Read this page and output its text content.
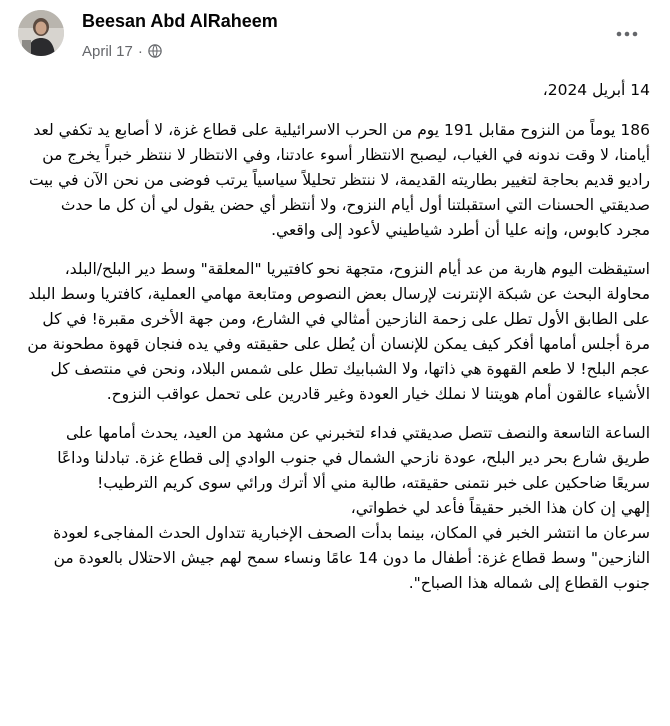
Beesan Abd AlRaheem
April 17 ·

14 أبريل 2024،

186 يوماً من النزوح مقابل 191 يوم من الحرب الاسرائيلية على قطاع غزة، لا أصابع يد تكفي لعد أيامنا، لا وقت ندونه في الغياب، ليصبح الانتظار أسوء عادتنا، وفي الانتظار لا ننتظر خبراً يخرج من راديو قديم بحاجة لتغيير بطاريته القديمة، لا ننتظر تحليلاً سياسياً يرتب فوضى من نحن الآن في بيت صديقتي الحسنات التي استقبلتنا أول أيام النزوح، ولا أنتظر أي حضن يقول لي أن كل ما حدث مجرد كابوس، وإنه عليا أن أطرد شياطيني لأعود إلى واقعي.

استيقظت اليوم هاربة من عد أيام النزوح، متجهة نحو كافتيريا "المعلقة" وسط دير البلح/البلد، محاولة البحث عن شبكة الإنترنت لإرسال بعض النصوص ومتابعة مهامي العملية، كافتريا وسط البلد على الطابق الأول تطل على زحمة النازحين أمثالي في الشارع، ومن جهة الأخرى مقبرة! في كل مرة أجلس أمامها أفكر كيف يمكن للإنسان أن يُطل على حقيقته وفي يده فنجان قهوة مطحونة من عجم البلح! لا طعم القهوة هي ذاتها، ولا الشبابيك تطل على شمس البلاد، ونحن في منتصف كل الأشياء عالقون أمام هويتنا لا نملك خيار العودة وغير قادرين على تحمل عواقب النزوح.

الساعة التاسعة والنصف تتصل صديقتي فداء لتخبرني عن مشهد من العيد، يحدث أمامها على طريق شارع بحر دير البلح، عودة نازحي الشمال في جنوب الوادي إلى قطاع غزة. تبادلنا وداعًا سريعًا ضاحكين على خبر نتمنى حقيقته، طالبة مني ألا أترك ورائي سوى كريم الترطيب!

إلهي إن كان هذا الخبر حقيقاً فأعد لي خطواتي،

سرعان ما انتشر الخبر في المكان، بينما بدأت الصحف الإخبارية تتداول الحدث المفاجىء لعودة النازحين" وسط قطاع غزة: أطفال ما دون 14 عامًا ونساء سمح لهم جيش الاحتلال بالعودة من جنوب القطاع إلى شماله هذا الصباح".
